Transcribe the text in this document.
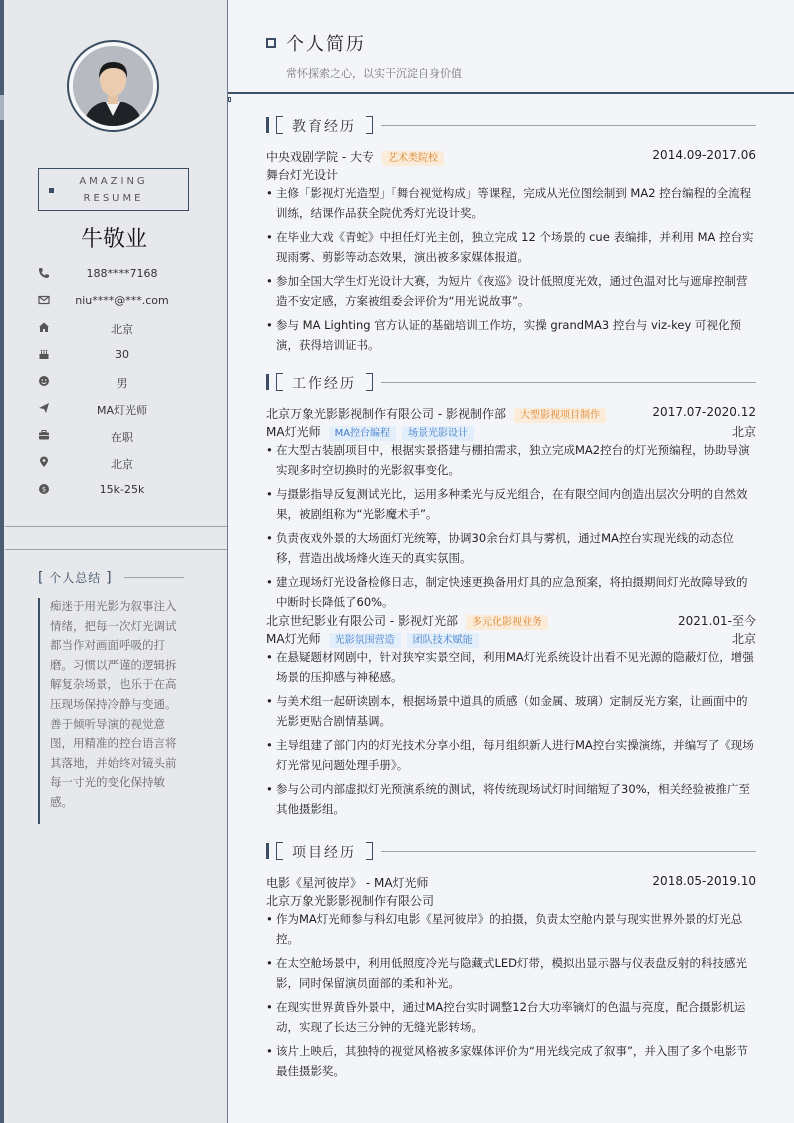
AMAZING
RESUME
牛敬业
188****7168
niu****@***.com
北京
30
男
MA灯光师
在职
北京
$	15k-25k
[ 个人总结 ]
痴迷于用光影为叙事注入情绪，把每一次灯光调试都当作对画面呼吸的打磨。习惯以严谨的逻辑拆解复杂场景，也乐于在高压现场保持冷静与变通。善于倾听导演的视觉意图，用精准的控台语言将其落地，并始终对镜头前每一寸光的变化保持敏感。
个人简历
常怀探索之心，以实干沉淀自身价值
教育经历
中央戏剧学院 - 大专 艺术类院校	2014.09-2017.06
舞台灯光设计
• 主修「影视灯光造型」「舞台视觉构成」等课程，完成从光位图绘制到 MA2 控台编程的全流程训练，结课作品获全院优秀灯光设计奖。
• 在毕业大戏《青蛇》中担任灯光主创，独立完成 12 个场景的 cue 表编排，并利用 MA 控台实现雨雾、剪影等动态效果，演出被多家媒体报道。
• 参加全国大学生灯光设计大赛，为短片《夜巡》设计低照度光效，通过色温对比与遮扉控制营造不安定感，方案被组委会评价为“用光说故事”。
• 参与 MA Lighting 官方认证的基础培训工作坊，实操 grandMA3 控台与 viz-key 可视化预演，获得培训证书。
工作经历
北京万象光影影视制作有限公司 - 影视制作部 大型影视项目制作	2017.07-2020.12
MA灯光师 MA控台编程 场景光影设计	北京
• 在大型古装剧项目中，根据实景搭建与棚拍需求，独立完成MA2控台的灯光预编程，协助导演实现多时空切换时的光影叙事变化。
• 与摄影指导反复测试光比，运用多种柔光与反光组合，在有限空间内创造出层次分明的自然效果，被剧组称为“光影魔术手”。
• 负责夜戏外景的大场面灯光统筹，协调30余台灯具与雾机，通过MA控台实现光线的动态位移，营造出战场烽火连天的真实氛围。
• 建立现场灯光设备检修日志，制定快速更换备用灯具的应急预案，将拍摄期间灯光故障导致的中断时长降低了60%。
北京世纪影业有限公司 - 影视灯光部 多元化影视业务	2021.01-至今
MA灯光师 光影氛围营造 团队技术赋能	北京
• 在悬疑题材网剧中，针对狭窄实景空间，利用MA灯光系统设计出看不见光源的隐蔽灯位，增强场景的压抑感与神秘感。
• 与美术组一起研读剧本，根据场景中道具的质感（如金属、玻璃）定制反光方案，让画面中的光影更贴合剧情基调。
• 主导组建了部门内的灯光技术分享小组，每月组织新人进行MA控台实操演练，并编写了《现场灯光常见问题处理手册》。
• 参与公司内部虚拟灯光预演系统的测试，将传统现场试灯时间缩短了30%，相关经验被推广至其他摄影组。
项目经历
电影《星河彼岸》 - MA灯光师	2018.05-2019.10
北京万象光影影视制作有限公司
• 作为MA灯光师参与科幻电影《星河彼岸》的拍摄，负责太空舱内景与现实世界外景的灯光总控。
• 在太空舱场景中，利用低照度冷光与隐藏式LED灯带，模拟出显示器与仪表盘反射的科技感光影，同时保留演员面部的柔和补光。
• 在现实世界黄昏外景中，通过MA控台实时调整12台大功率镝灯的色温与亮度，配合摄影机运动，实现了长达三分钟的无缝光影转场。
• 该片上映后，其独特的视觉风格被多家媒体评价为“用光线完成了叙事”，并入围了多个电影节最佳摄影奖。
